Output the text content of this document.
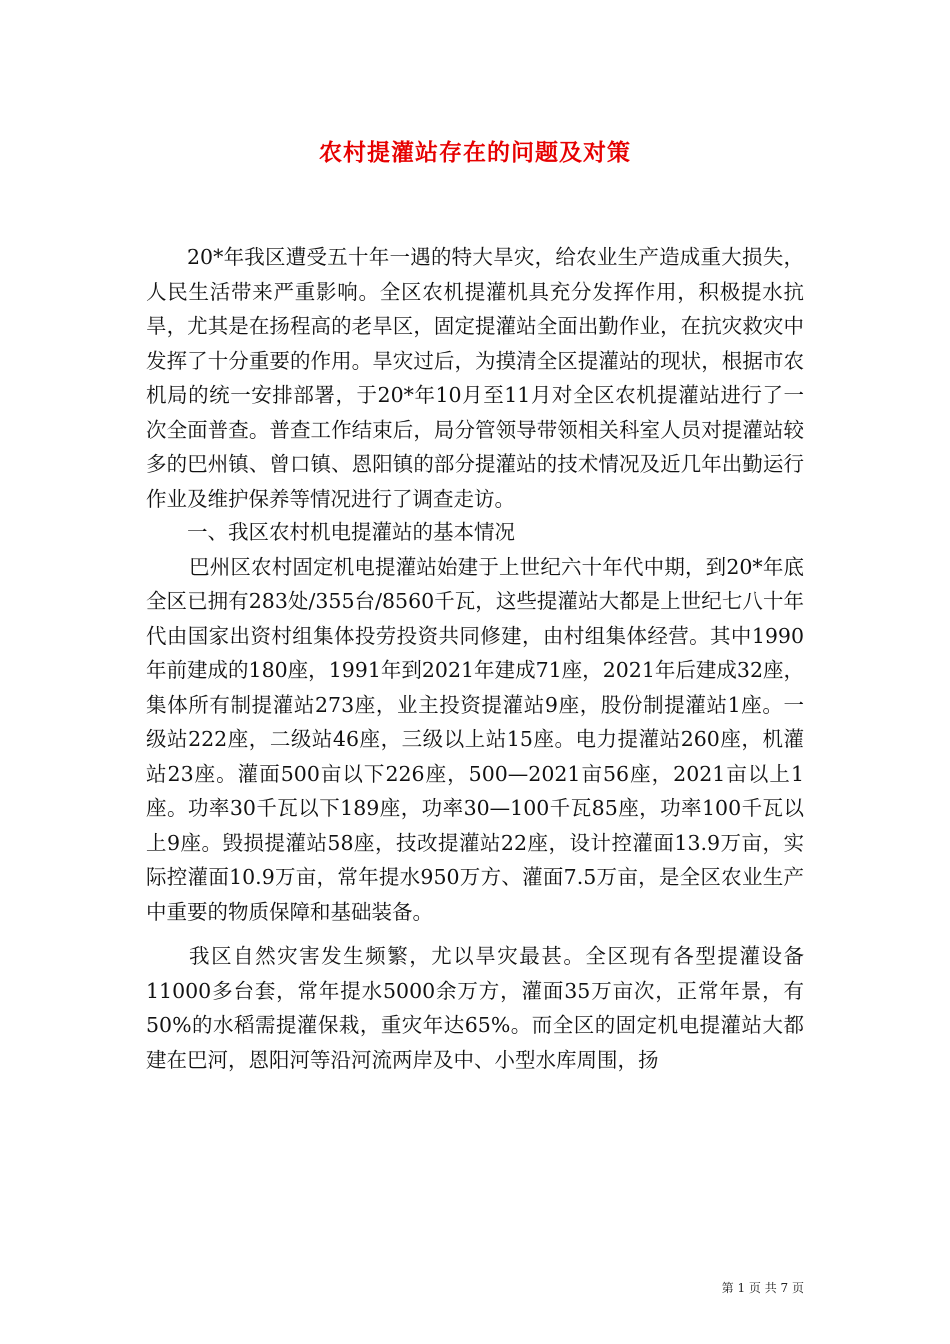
农村提灌站存在的问题及对策

20*年我区遭受五十年一遇的特大旱灾，给农业生产造成重大损失，人民生活带来严重影响。全区农机提灌机具充分发挥作用，积极提水抗旱，尤其是在扬程高的老旱区，固定提灌站全面出勤作业，在抗灾救灾中发挥了十分重要的作用。旱灾过后，为摸清全区提灌站的现状，根据市农机局的统一安排部署，于20*年10月至11月对全区农机提灌站进行了一次全面普查。普查工作结束后，局分管领导带领相关科室人员对提灌站较多的巴州镇、曾口镇、恩阳镇的部分提灌站的技术情况及近几年出勤运行作业及维护保养等情况进行了调查走访。

一、我区农村机电提灌站的基本情况

巴州区农村固定机电提灌站始建于上世纪六十年代中期，到20*年底全区已拥有283处/355台/8560千瓦，这些提灌站大都是上世纪七八十年代由国家出资村组集体投劳投资共同修建，由村组集体经营。其中1990年前建成的180座，1991年到2021年建成71座，2021年后建成32座，集体所有制提灌站273座，业主投资提灌站9座，股份制提灌站1座。一级站222座，二级站46座，三级以上站15座。电力提灌站260座，机灌站23座。灌面500亩以下226座，500—2021亩56座，2021亩以上1座。功率30千瓦以下189座，功率30—100千瓦85座，功率100千瓦以上9座。毁损提灌站58座，技改提灌站22座，设计控灌面13.9万亩，实际控灌面10.9万亩，常年提水950万方、灌面7.5万亩，是全区农业生产中重要的物质保障和基础装备。

我区自然灾害发生频繁，尤以旱灾最甚。全区现有各型提灌设备11000多台套，常年提水5000余万方，灌面35万亩次，正常年景，有50%的水稻需提灌保栽，重灾年达65%。而全区的固定机电提灌站大都建在巴河，恩阳河等沿河流两岸及中、小型水库周围，扬

第 1 页 共 7 页
